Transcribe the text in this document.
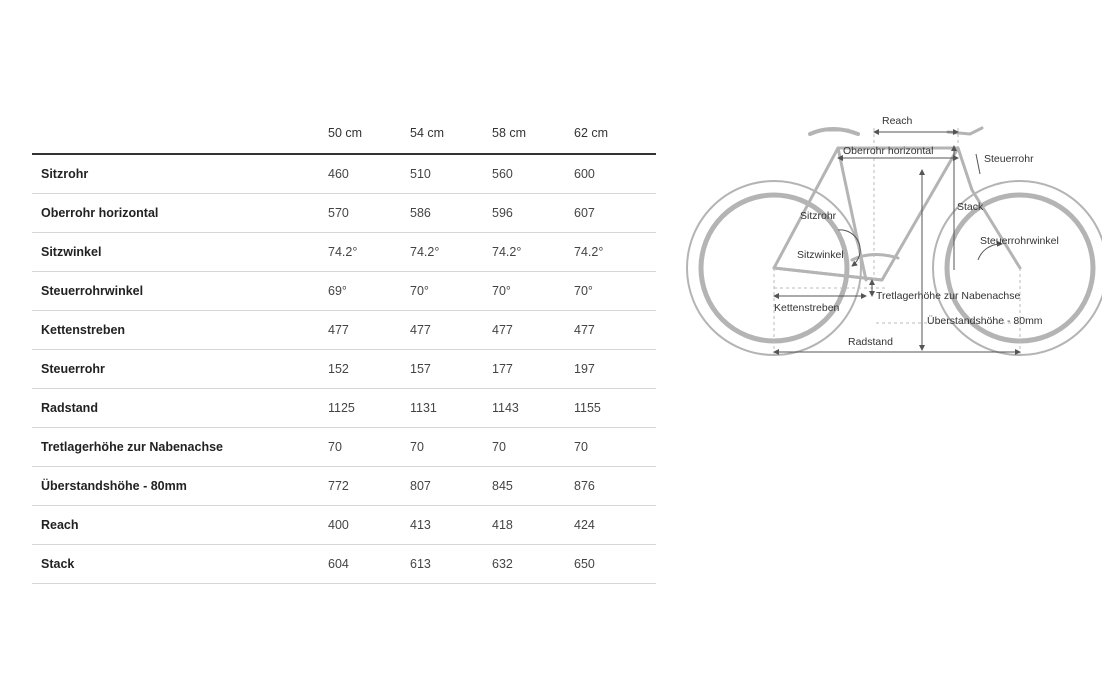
	50 cm	54 cm	58 cm	62 cm
Sitzrohr	460	510	560	600
Oberrohr horizontal	570	586	596	607
Sitzwinkel	74.2°	74.2°	74.2°	74.2°
Steuerrohrwinkel	69°	70°	70°	70°
Kettenstreben	477	477	477	477
Steuerrohr	152	157	177	197
Radstand	1125	1131	1143	1155
Tretlagerhöhe zur Nabenachse	70	70	70	70
Überstandshöhe - 80mm	772	807	845	876
Reach	400	413	418	424
Stack	604	613	632	650
Reach
Oberrohr horizontal
Steuerrohr
Stack
Sitzrohr
Steuerrohrwinkel
Sitzwinkel
Tretlagerhöhe zur Nabenachse
Kettenstreben
Überstandshöhe - 80mm
Radstand
